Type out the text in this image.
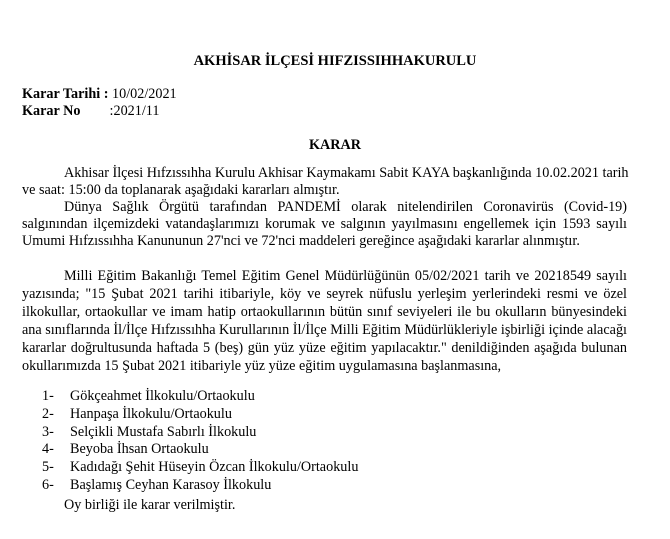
AKHİSAR İLÇESİ HIFZISSIHHAKURULU
Karar Tarihi : 10/02/2021
Karar No :2021/11
KARAR
Akhisar İlçesi Hıfzıssıhha Kurulu Akhisar Kaymakamı Sabit KAYA başkanlığında 10.02.2021 tarih
ve saat: 15:00 da toplanarak aşağıdaki kararları almıştır.
Dünya Sağlık Örgütü tarafından PANDEMİ olarak nitelendirilen Coronavirüs (Covid-19)
salgınından ilçemizdeki vatandaşlarımızı korumak ve salgının yayılmasını engellemek için 1593 sayılı
Umumi Hıfzıssıhha Kanununun 27'nci ve 72'nci maddeleri gereğince aşağıdaki kararlar alınmıştır.
Milli Eğitim Bakanlığı Temel Eğitim Genel Müdürlüğünün 05/02/2021 tarih ve 20218549 sayılı
yazısında; "15 Şubat 2021 tarihi itibariyle, köy ve seyrek nüfuslu yerleşim yerlerindeki resmi ve özel
ilkokullar, ortaokullar ve imam hatip ortaokullarının bütün sınıf seviyeleri ile bu okulların bünyesindeki
ana sınıflarında İl/İlçe Hıfzıssıhha Kurullarının İl/İlçe Milli Eğitim Müdürlükleriyle işbirliği içinde alacağı
kararlar doğrultusunda haftada 5 (beş) gün yüz yüze eğitim yapılacaktır." denildiğinden aşağıda bulunan
okullarımızda 15 Şubat 2021 itibariyle yüz yüze eğitim uygulamasına başlanmasına,
1- Gökçeahmet İlkokulu/Ortaokulu
2- Hanpaşa İlkokulu/Ortaokulu
3- Selçikli Mustafa Sabırlı İlkokulu
4- Beyoba İhsan Ortaokulu
5- Kadıdağı Şehit Hüseyin Özcan İlkokulu/Ortaokulu
6- Başlamış Ceyhan Karasoy İlkokulu
Oy birliği ile karar verilmiştir.
